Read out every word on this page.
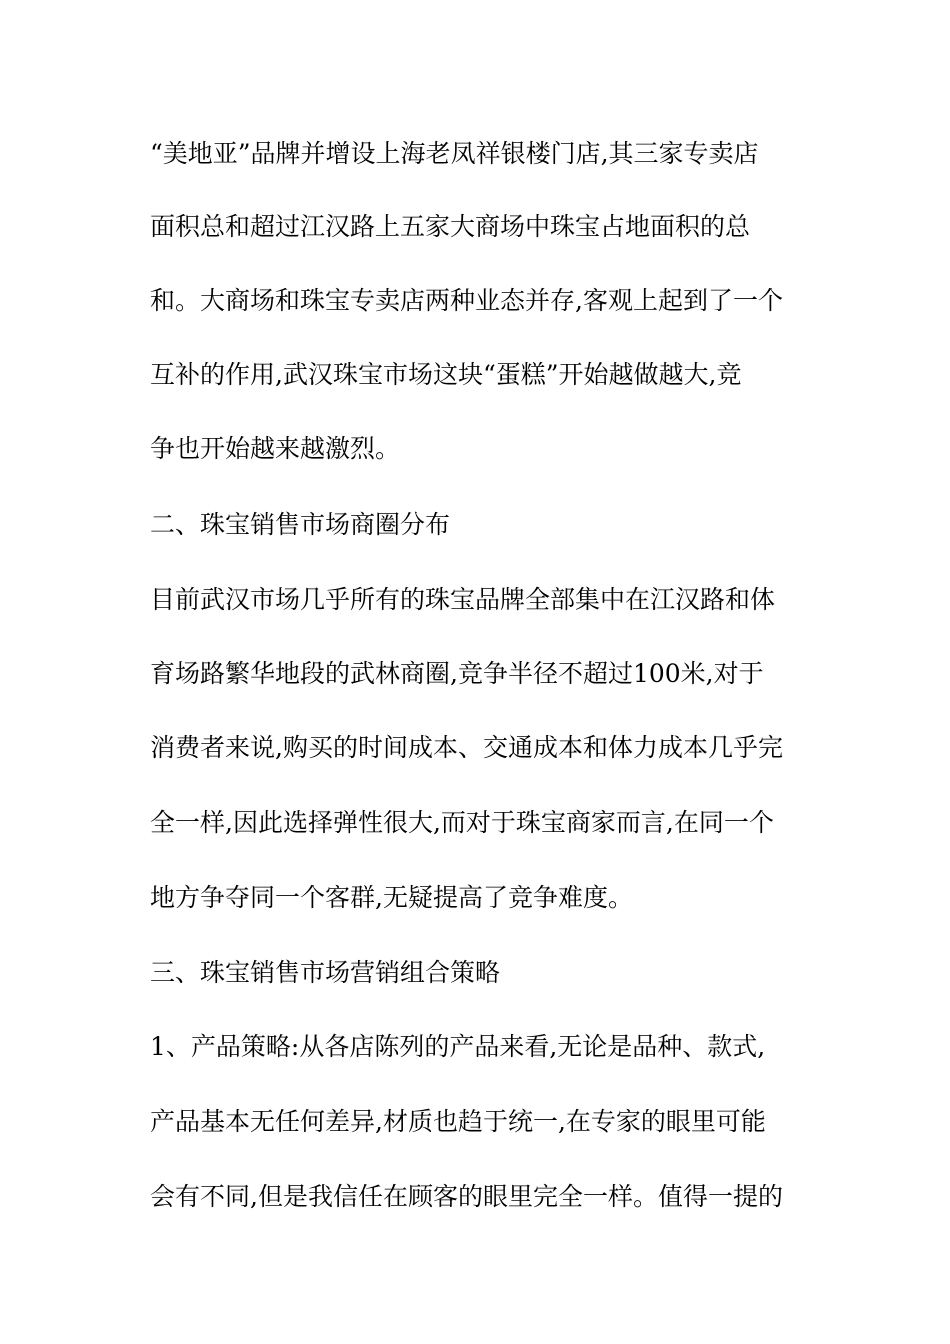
“美地亚”品牌并增设上海老凤祥银楼门店,其三家专卖店
面积总和超过江汉路上五家大商场中珠宝占地面积的总
和。大商场和珠宝专卖店两种业态并存,客观上起到了一个
互补的作用,武汉珠宝市场这块“蛋糕”开始越做越大,竞
争也开始越来越激烈。
二、珠宝销售市场商圈分布
目前武汉市场几乎所有的珠宝品牌全部集中在江汉路和体
育场路繁华地段的武林商圈,竞争半径不超过100米,对于
消费者来说,购买的时间成本、交通成本和体力成本几乎完
全一样,因此选择弹性很大,而对于珠宝商家而言,在同一个
地方争夺同一个客群,无疑提高了竞争难度。
三、珠宝销售市场营销组合策略
1、产品策略:从各店陈列的产品来看,无论是品种、款式,
产品基本无任何差异,材质也趋于统一,在专家的眼里可能
会有不同,但是我信任在顾客的眼里完全一样。值得一提的
